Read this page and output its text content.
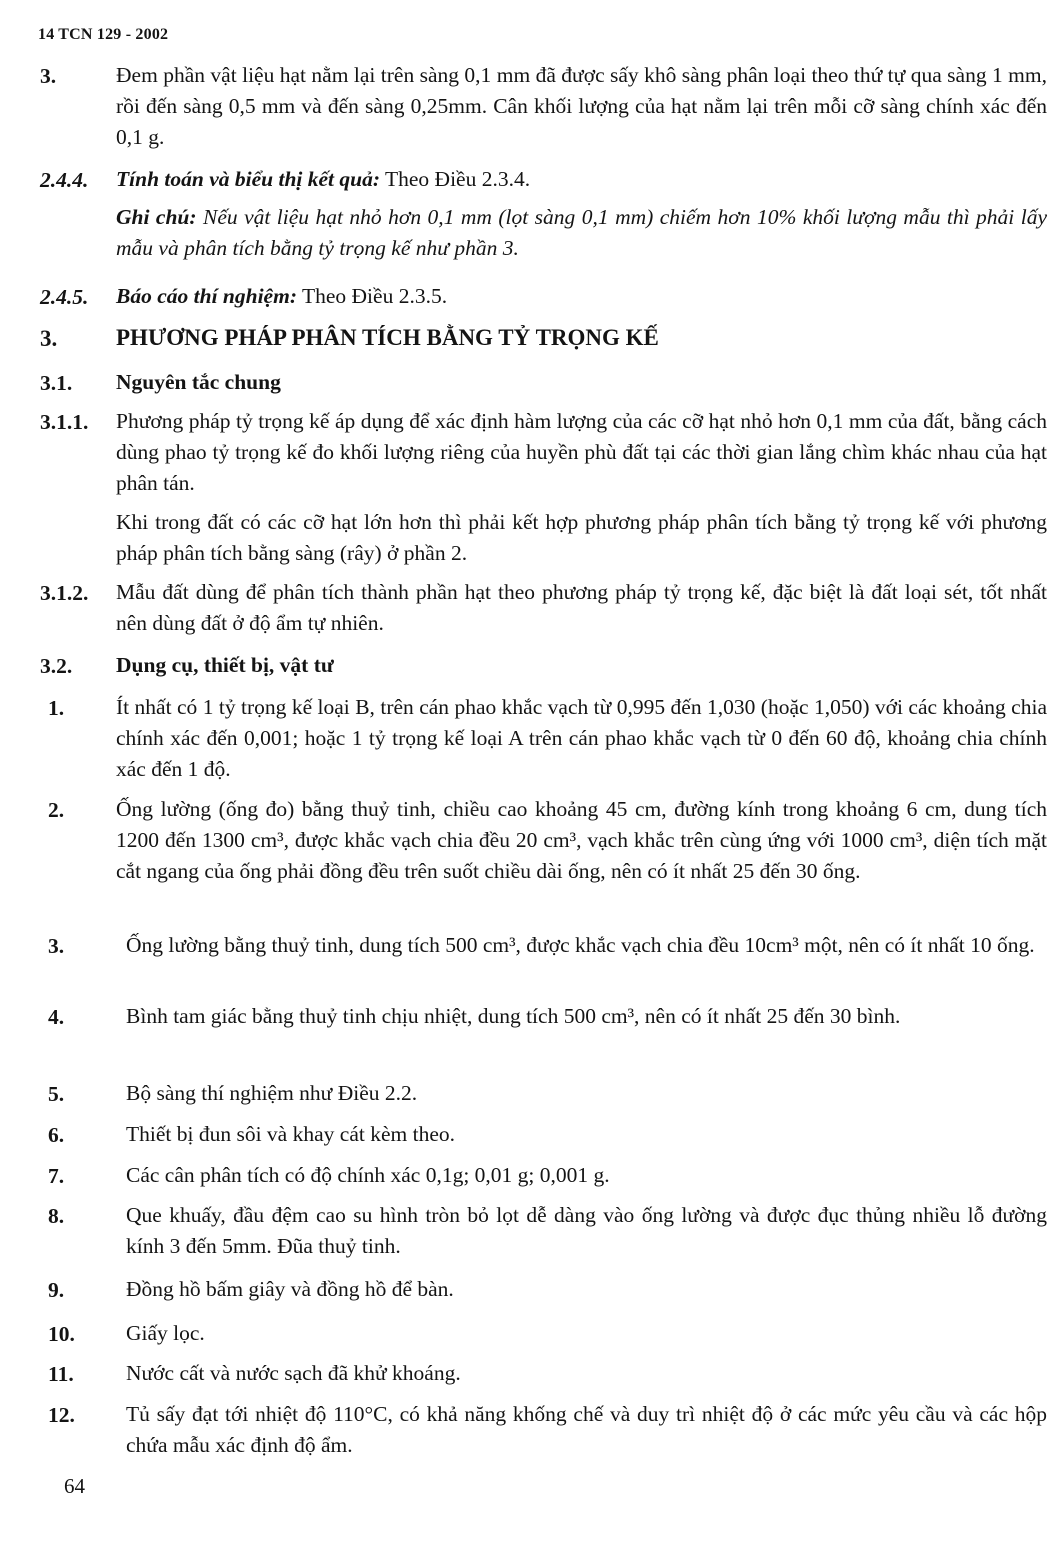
14 TCN 129 - 2002
3.	Đem phần vật liệu hạt nằm lại trên sàng 0,1 mm đã được sấy khô sàng phân loại theo thứ tự qua sàng 1 mm, rồi đến sàng 0,5 mm và đến sàng 0,25mm. Cân khối lượng của hạt nằm lại trên mỗi cỡ sàng chính xác đến 0,1 g.
2.4.4. Tính toán và biểu thị kết quả: Theo Điều 2.3.4.
Ghi chú: Nếu vật liệu hạt nhỏ hơn 0,1 mm (lọt sàng 0,1 mm) chiếm hơn 10% khối lượng mẫu thì phải lấy mẫu và phân tích bằng tỷ trọng kế như phần 3.
2.4.5. Báo cáo thí nghiệm: Theo Điều 2.3.5.
3.	PHƯƠNG PHÁP PHÂN TÍCH BẰNG TỶ TRỌNG KẾ
3.1. Nguyên tắc chung
3.1.1. Phương pháp tỷ trọng kế áp dụng để xác định hàm lượng của các cỡ hạt nhỏ hơn 0,1 mm của đất, bằng cách dùng phao tỷ trọng kế đo khối lượng riêng của huyền phù đất tại các thời gian lắng chìm khác nhau của hạt phân tán.
Khi trong đất có các cỡ hạt lớn hơn thì phải kết hợp phương pháp phân tích bằng tỷ trọng kế với phương pháp phân tích bằng sàng (rây) ở phần 2.
3.1.2. Mẫu đất dùng để phân tích thành phần hạt theo phương pháp tỷ trọng kế, đặc biệt là đất loại sét, tốt nhất nên dùng đất ở độ ẩm tự nhiên.
3.2. Dụng cụ, thiết bị, vật tư
1. Ít nhất có 1 tỷ trọng kế loại B, trên cán phao khắc vạch từ 0,995 đến 1,030 (hoặc 1,050) với các khoảng chia chính xác đến 0,001; hoặc 1 tỷ trọng kế loại A trên cán phao khắc vạch từ 0 đến 60 độ, khoảng chia chính xác đến 1 độ.
2. Ống lường (ống đo) bằng thuỷ tinh, chiều cao khoảng 45 cm, đường kính trong khoảng 6 cm, dung tích 1200 đến 1300 cm³, được khắc vạch chia đều 20 cm³, vạch khắc trên cùng ứng với 1000 cm³, diện tích mặt cắt ngang của ống phải đồng đều trên suốt chiều dài ống, nên có ít nhất 25 đến 30 ống.
3.	Ống lường bằng thuỷ tinh, dung tích 500 cm³, được khắc vạch chia đều 10cm³ một, nên có ít nhất 10 ống.
4.	Bình tam giác bằng thuỷ tinh chịu nhiệt, dung tích 500 cm³, nên có ít nhất 25 đến 30 bình.
5.	Bộ sàng thí nghiệm như Điều 2.2.
6.	Thiết bị đun sôi và khay cát kèm theo.
7.	Các cân phân tích có độ chính xác 0,1g; 0,01 g; 0,001 g.
8.	Que khuấy, đầu đệm cao su hình tròn bỏ lọt dễ dàng vào ống lường và được đục thủng nhiều lỗ đường kính 3 đến 5mm. Đũa thuỷ tinh.
9.	Đồng hồ bấm giây và đồng hồ để bàn.
10. Giấy lọc.
11. Nước cất và nước sạch đã khử khoáng.
12. Tủ sấy đạt tới nhiệt độ 110°C, có khả năng khống chế và duy trì nhiệt độ ở các mức yêu cầu và các hộp chứa mẫu xác định độ ẩm.
64
